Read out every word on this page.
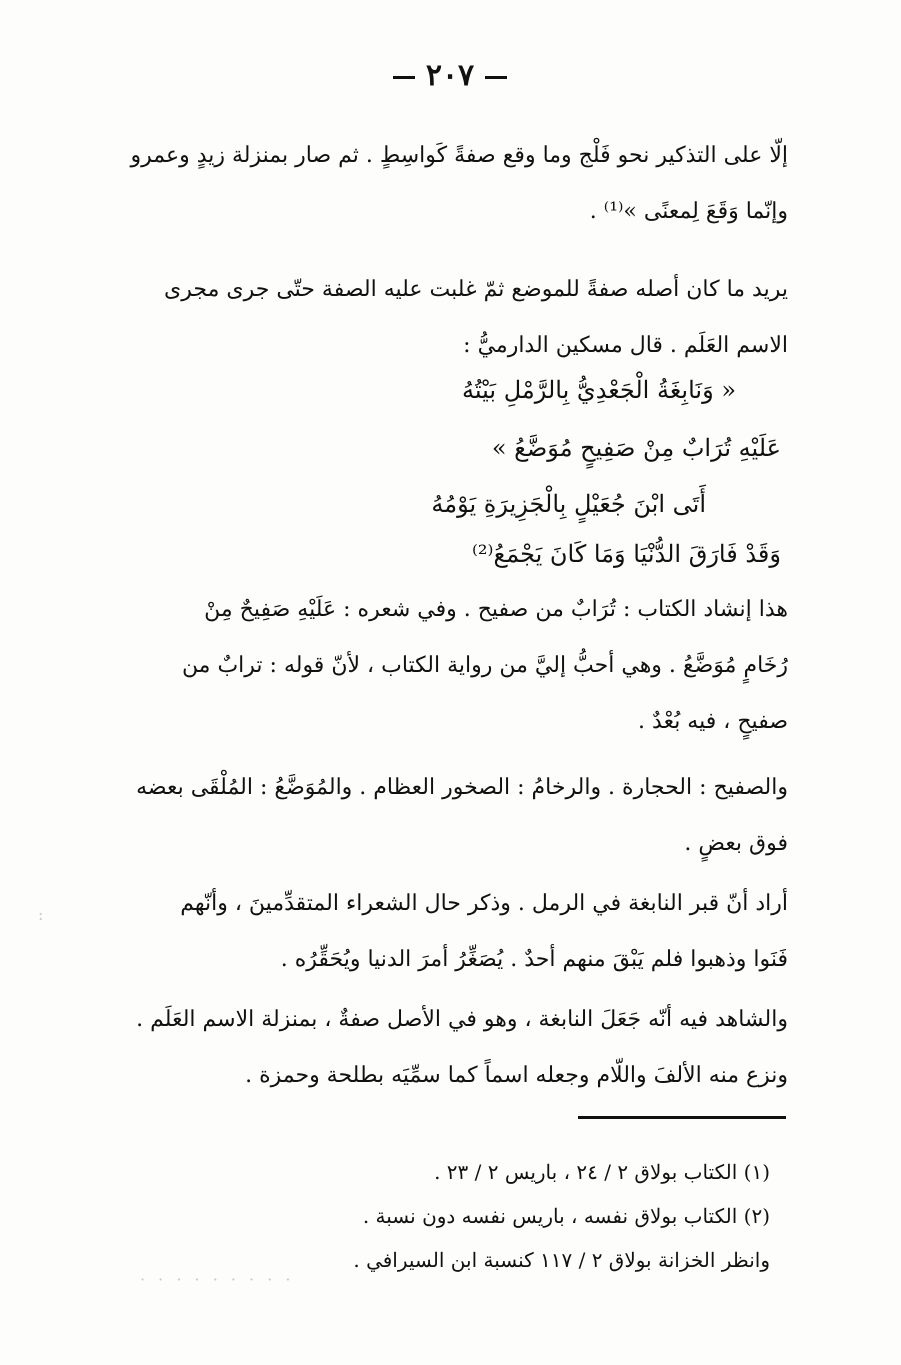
٢٠٧
إلّا على التذكير نحو فَلْج وما وقع صفةً كَواسِطٍ . ثم صار بمنزلة زيدٍ وعمرو
وإنّما وَقَعَ لِمعنًى »⁽¹⁾ .
يريد ما كان أصله صفةً للموضع ثمّ غلبت عليه الصفة حتّى جرى مجرى
الاسم العَلَم . قال مسكين الدارميُّ :
« وَنَابِغَةُ الْجَعْدِيُّ بِالرَّمْلِ بَيْتُهُ
عَلَيْهِ تُرَابٌ مِنْ صَفِيحٍ مُوَضَّعُ »
أَتَى ابْنَ جُعَيْلٍ بِالْجَزِيرَةِ يَوْمُهُ
وَقَدْ فَارَقَ الدُّنْيَا وَمَا كَانَ يَجْمَعُ⁽²⁾
هذا إنشاد الكتاب : تُرَابٌ من صفيح . وفي شعره : عَلَيْهِ صَفِيحٌ مِنْ
رُخَامٍ مُوَضَّعُ . وهي أحبُّ إليَّ من رواية الكتاب ، لأنّ قوله : ترابٌ من
صفيحٍ ، فيه بُعْدٌ .
والصفيح : الحجارة . والرخامُ : الصخور العظام . والمُوَضَّعُ : المُلْقَى بعضه
فوق بعضٍ .
أراد أنّ قبر النابغة في الرمل . وذكر حال الشعراء المتقدِّمينَ ، وأنّهم
فَنَوا وذهبوا فلم يَبْقَ منهم أحدٌ . يُصَغِّرُ أمرَ الدنيا ويُحَقِّرُه .
والشاهد فيه أنّه جَعَلَ النابغة ، وهو في الأصل صفةٌ ، بمنزلة الاسم العَلَم .
ونزع منه الألفَ واللّام وجعله اسماً كما سمِّيَه بطلحة وحمزة .
(١) الكتاب بولاق ٢ / ٢٤ ، باريس ٢ / ٢٣ .
(٢) الكتاب بولاق نفسه ، باريس نفسه دون نسبة .
وانظر الخزانة بولاق ٢ / ١١٧ كنسبة ابن السيرافي .
· · · · · · · · ·
:
